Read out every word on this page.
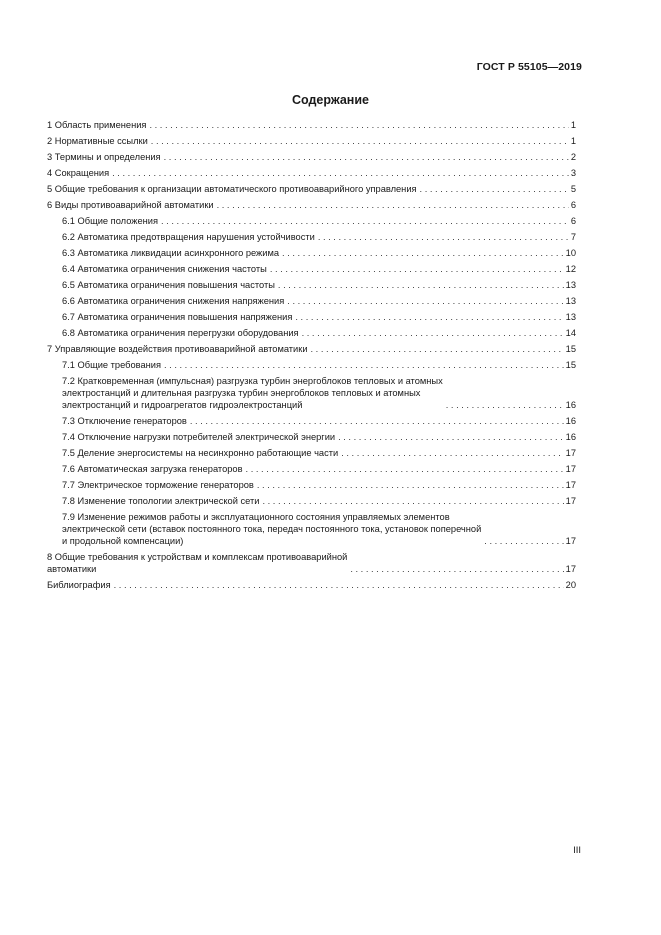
ГОСТ Р 55105—2019
Содержание
1 Область применения . . .	1
2 Нормативные ссылки . . .	1
3 Термины и определения . . .	2
4 Сокращения . . .	3
5 Общие требования к организации автоматического противоаварийного управления . . .	5
6 Виды противоаварийной автоматики . . .	6
6.1 Общие положения . . .	6
6.2 Автоматика предотвращения нарушения устойчивости . . .	7
6.3 Автоматика ликвидации асинхронного режима . . .	10
6.4 Автоматика ограничения снижения частоты . . .	12
6.5 Автоматика ограничения повышения частоты . . .	13
6.6 Автоматика ограничения снижения напряжения . . .	13
6.7 Автоматика ограничения повышения напряжения . . .	13
6.8 Автоматика ограничения перегрузки оборудования . . .	14
7 Управляющие воздействия противоаварийной автоматики . . .	15
7.1 Общие требования . . .	15
7.2 Кратковременная (импульсная) разгрузка турбин энергоблоков тепловых и атомных
электростанций и длительная разгрузка турбин энергоблоков тепловых и атомных
электростанций и гидроагрегатов гидроэлектростанций . . .	16
7.3 Отключение генераторов . . .	16
7.4 Отключение нагрузки потребителей электрической энергии . . .	16
7.5 Деление энергосистемы на несинхронно работающие части . . .	17
7.6 Автоматическая загрузка генераторов . . .	17
7.7 Электрическое торможение генераторов . . .	17
7.8 Изменение топологии электрической сети . . .	17
7.9 Изменение режимов работы и эксплуатационного состояния управляемых элементов
электрической сети (вставок постоянного тока, передач постоянного тока, установок поперечной
и продольной компенсации) . . .	17
8 Общие требования к устройствам и комплексам противоаварийной
автоматики . . .	17
Библиография . . .	20
III
